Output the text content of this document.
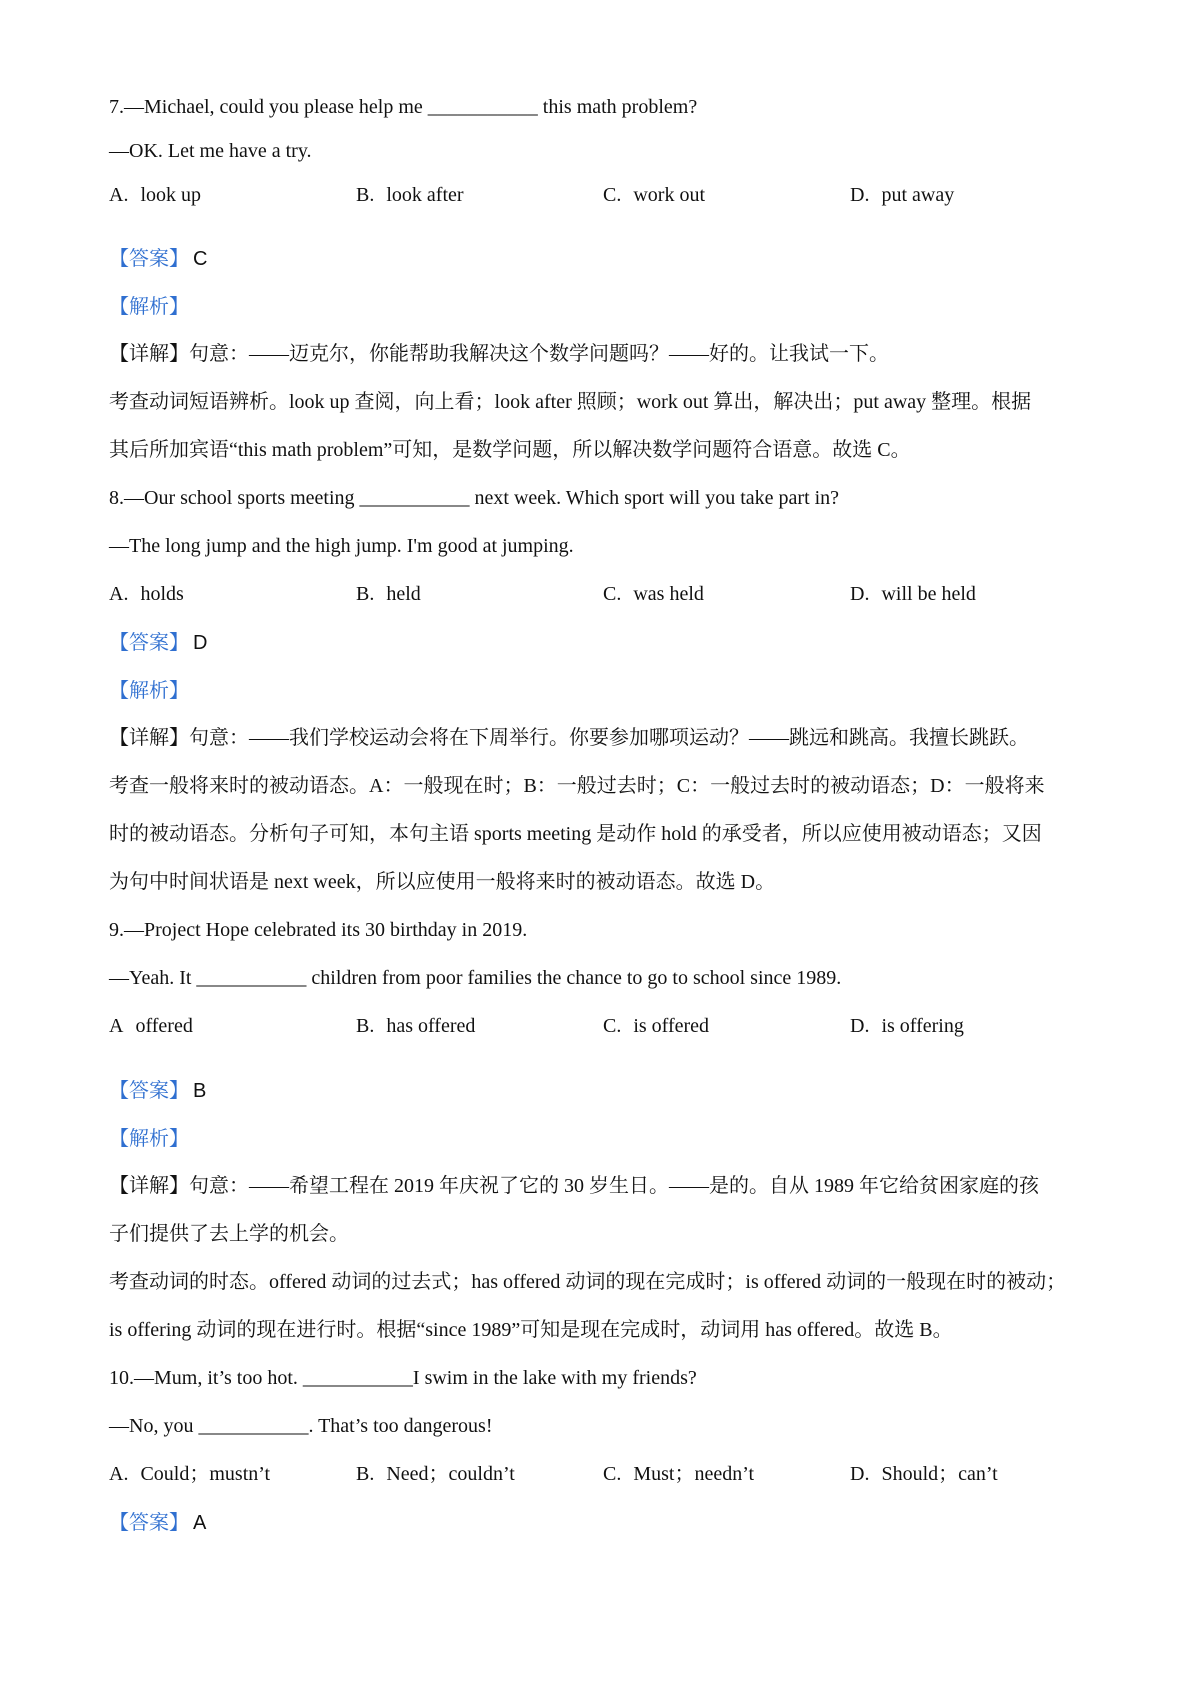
7.—Michael, could you please help me ___________ this math problem?
—OK. Let me have a try.
A. look up	B. look after	C. work out	D. put away
【答案】 C
【解析】
【详解】句意：——迈克尔，你能帮助我解决这个数学问题吗？——好的。让我试一下。
考查动词短语辨析。look up 查阅，向上看；look after 照顾；work out 算出，解决出；put away 整理。根据
其后所加宾语“this math problem”可知，是数学问题，所以解决数学问题符合语意。故选 C。
8.—Our school sports meeting ___________ next week. Which sport will you take part in?
—The long jump and the high jump. I'm good at jumping.
A. holds	B. held	C. was held	D. will be held
【答案】 D
【解析】
【详解】句意：——我们学校运动会将在下周举行。你要参加哪项运动？——跳远和跳高。我擅长跳跃。
考查一般将来时的被动语态。A：一般现在时；B：一般过去时；C：一般过去时的被动语态；D：一般将来
时的被动语态。分析句子可知，本句主语 sports meeting 是动作 hold 的承受者，所以应使用被动语态；又因
为句中时间状语是 next week，所以应使用一般将来时的被动语态。故选 D。
9.—Project Hope celebrated its 30 birthday in 2019.
—Yeah. It ___________ children from poor families the chance to go to school since 1989.
A offered	B. has offered	C. is offered	D. is offering
【答案】 B
【解析】
【详解】句意：——希望工程在 2019 年庆祝了它的 30 岁生日。——是的。自从 1989 年它给贫困家庭的孩
子们提供了去上学的机会。
考查动词的时态。offered 动词的过去式；has offered 动词的现在完成时；is offered 动词的一般现在时的被动；
is offering 动词的现在进行时。根据“since 1989”可知是现在完成时，动词用 has offered。故选 B。
10.—Mum, it’s too hot. ___________I swim in the lake with my friends?
—No, you ___________. That’s too dangerous!
A. Could；mustn’t	B. Need；couldn’t	C. Must；needn’t	D. Should；can’t
【答案】 A
